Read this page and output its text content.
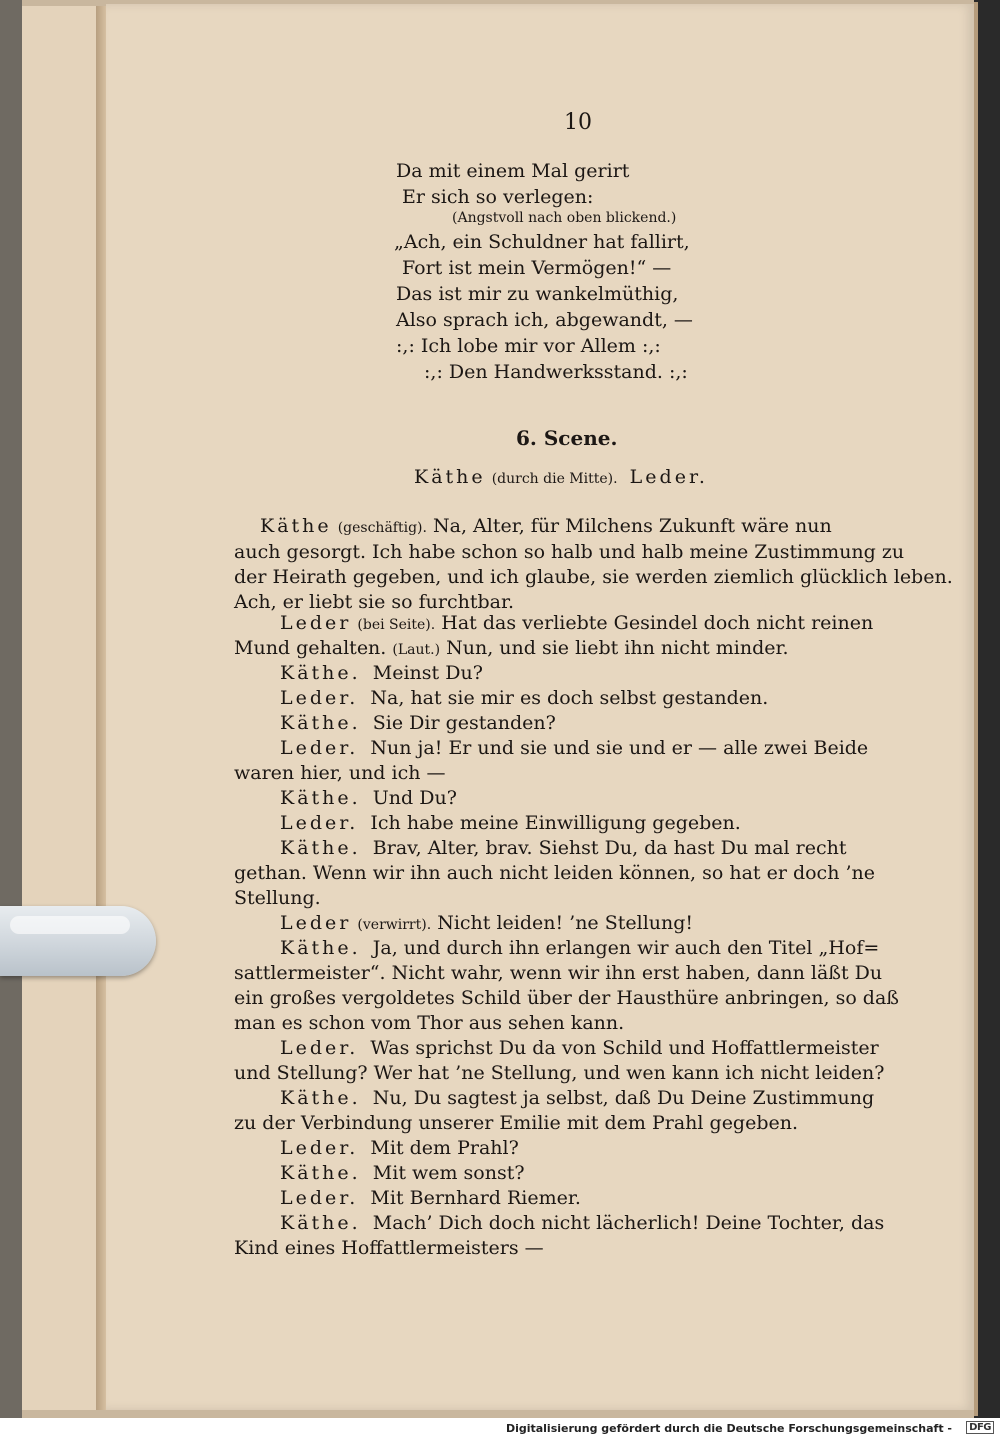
10
Da mit einem Mal gerirt
Er sich so verlegen:
(Angstvoll nach oben blickend.)
„Ach, ein Schuldner hat fallirt,
Fort ist mein Vermögen!“ —
Das ist mir zu wankelmüthig,
Also sprach ich, abgewandt, —
:,: Ich lobe mir vor Allem :,:
:,: Den Handwerksstand. :,:
6. Scene.
Käthe (durch die Mitte). Leder.
Käthe (geschäftig). Na, Alter, für Milchens Zukunft wäre nun
auch gesorgt. Ich habe schon so halb und halb meine Zustimmung zu
der Heirath gegeben, und ich glaube, sie werden ziemlich glücklich leben.
Ach, er liebt sie so furchtbar.
Leder (bei Seite). Hat das verliebte Gesindel doch nicht reinen
Mund gehalten. (Laut.) Nun, und sie liebt ihn nicht minder.
Käthe. Meinst Du?
Leder. Na, hat sie mir es doch selbst gestanden.
Käthe. Sie Dir gestanden?
Leder. Nun ja! Er und sie und sie und er — alle zwei Beide
waren hier, und ich —
Käthe. Und Du?
Leder. Ich habe meine Einwilligung gegeben.
Käthe. Brav, Alter, brav. Siehst Du, da hast Du mal recht
gethan. Wenn wir ihn auch nicht leiden können, so hat er doch ’ne
Stellung.
Leder (verwirrt). Nicht leiden! ’ne Stellung!
Käthe. Ja, und durch ihn erlangen wir auch den Titel „Hof=
sattlermeister“. Nicht wahr, wenn wir ihn erst haben, dann läßt Du
ein großes vergoldetes Schild über der Hausthüre anbringen, so daß
man es schon vom Thor aus sehen kann.
Leder. Was sprichst Du da von Schild und Hoffattlermeister
und Stellung? Wer hat ’ne Stellung, und wen kann ich nicht leiden?
Käthe. Nu, Du sagtest ja selbst, daß Du Deine Zustimmung
zu der Verbindung unserer Emilie mit dem Prahl gegeben.
Leder. Mit dem Prahl?
Käthe. Mit wem sonst?
Leder. Mit Bernhard Riemer.
Käthe. Mach’ Dich doch nicht lächerlich! Deine Tochter, das
Kind eines Hoffattlermeisters —
Digitalisierung gefördert durch die Deutsche Forschungsgemeinschaft -	DFG
